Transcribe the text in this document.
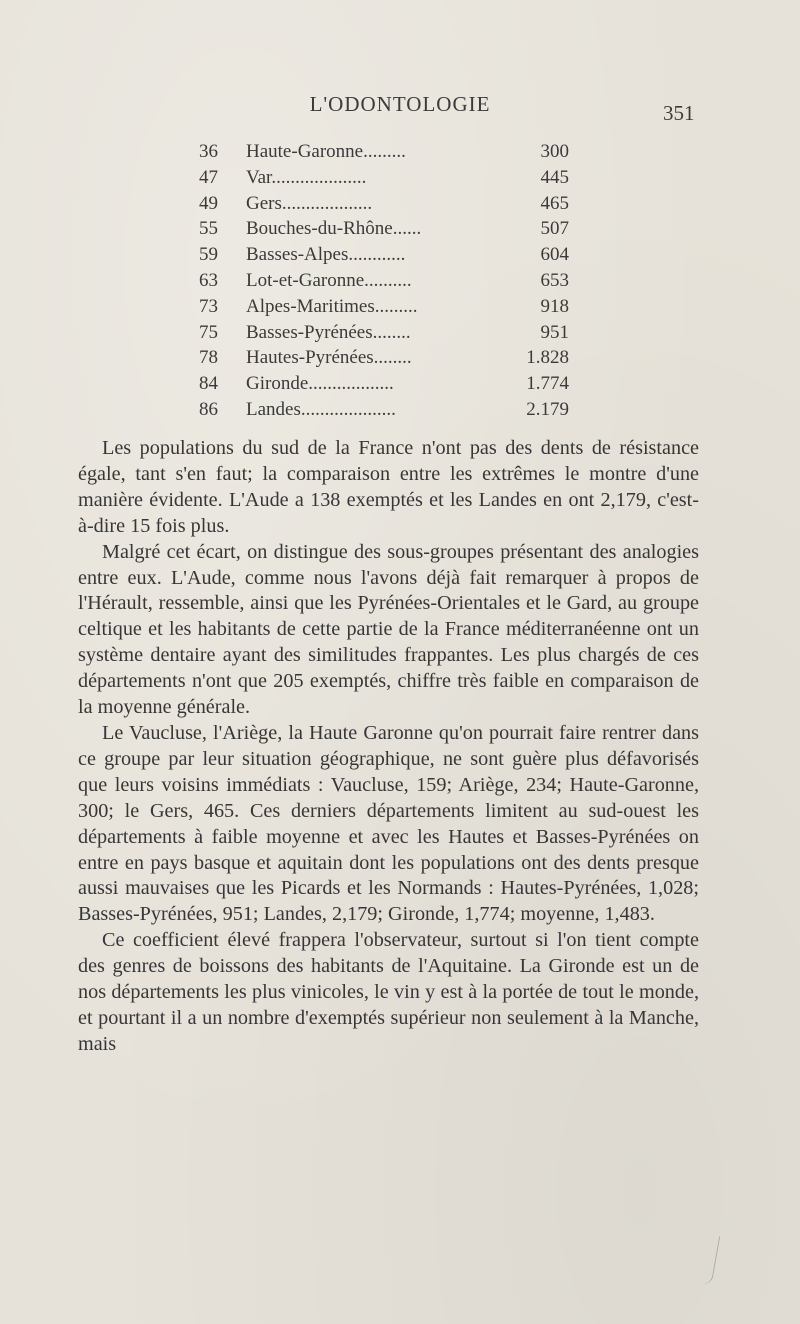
L'ODONTOLOGIE	351
36	Haute-Garonne.........	300
47	Var....................	445
49	Gers...................	465
55	Bouches-du-Rhône......	507
59	Basses-Alpes............	604
63	Lot-et-Garonne..........	653
73	Alpes-Maritimes.........	918
75	Basses-Pyrénées........	951
78	Hautes-Pyrénées........	1.828
84	Gironde..................	1.774
86	Landes....................	2.179

Les populations du sud de la France n'ont pas des dents de résistance égale, tant s'en faut; la comparaison entre les extrêmes le montre d'une manière évidente. L'Aude a 138 exemptés et les Landes en ont 2,179, c'est-à-dire 15 fois plus.

Malgré cet écart, on distingue des sous-groupes présentant des analogies entre eux. L'Aude, comme nous l'avons déjà fait remarquer à propos de l'Hérault, ressemble, ainsi que les Pyrénées-Orientales et le Gard, au groupe celtique et les habitants de cette partie de la France méditerranéenne ont un système dentaire ayant des similitudes frappantes. Les plus chargés de ces départements n'ont que 205 exemptés, chiffre très faible en comparaison de la moyenne générale.

Le Vaucluse, l'Ariège, la Haute Garonne qu'on pourrait faire rentrer dans ce groupe par leur situation géographique, ne sont guère plus défavorisés que leurs voisins immédiats : Vaucluse, 159; Ariège, 234; Haute-Garonne, 300; le Gers, 465. Ces derniers départements limitent au sud-ouest les départements à faible moyenne et avec les Hautes et Basses-Pyrénées on entre en pays basque et aquitain dont les populations ont des dents presque aussi mauvaises que les Picards et les Normands : Hautes-Pyrénées, 1,028; Basses-Pyrénées, 951; Landes, 2,179; Gironde, 1,774; moyenne, 1,483.

Ce coefficient élevé frappera l'observateur, surtout si l'on tient compte des genres de boissons des habitants de l'Aquitaine. La Gironde est un de nos départements les plus vinicoles, le vin y est à la portée de tout le monde, et pourtant il a un nombre d'exemptés supérieur non seulement à la Manche, mais
